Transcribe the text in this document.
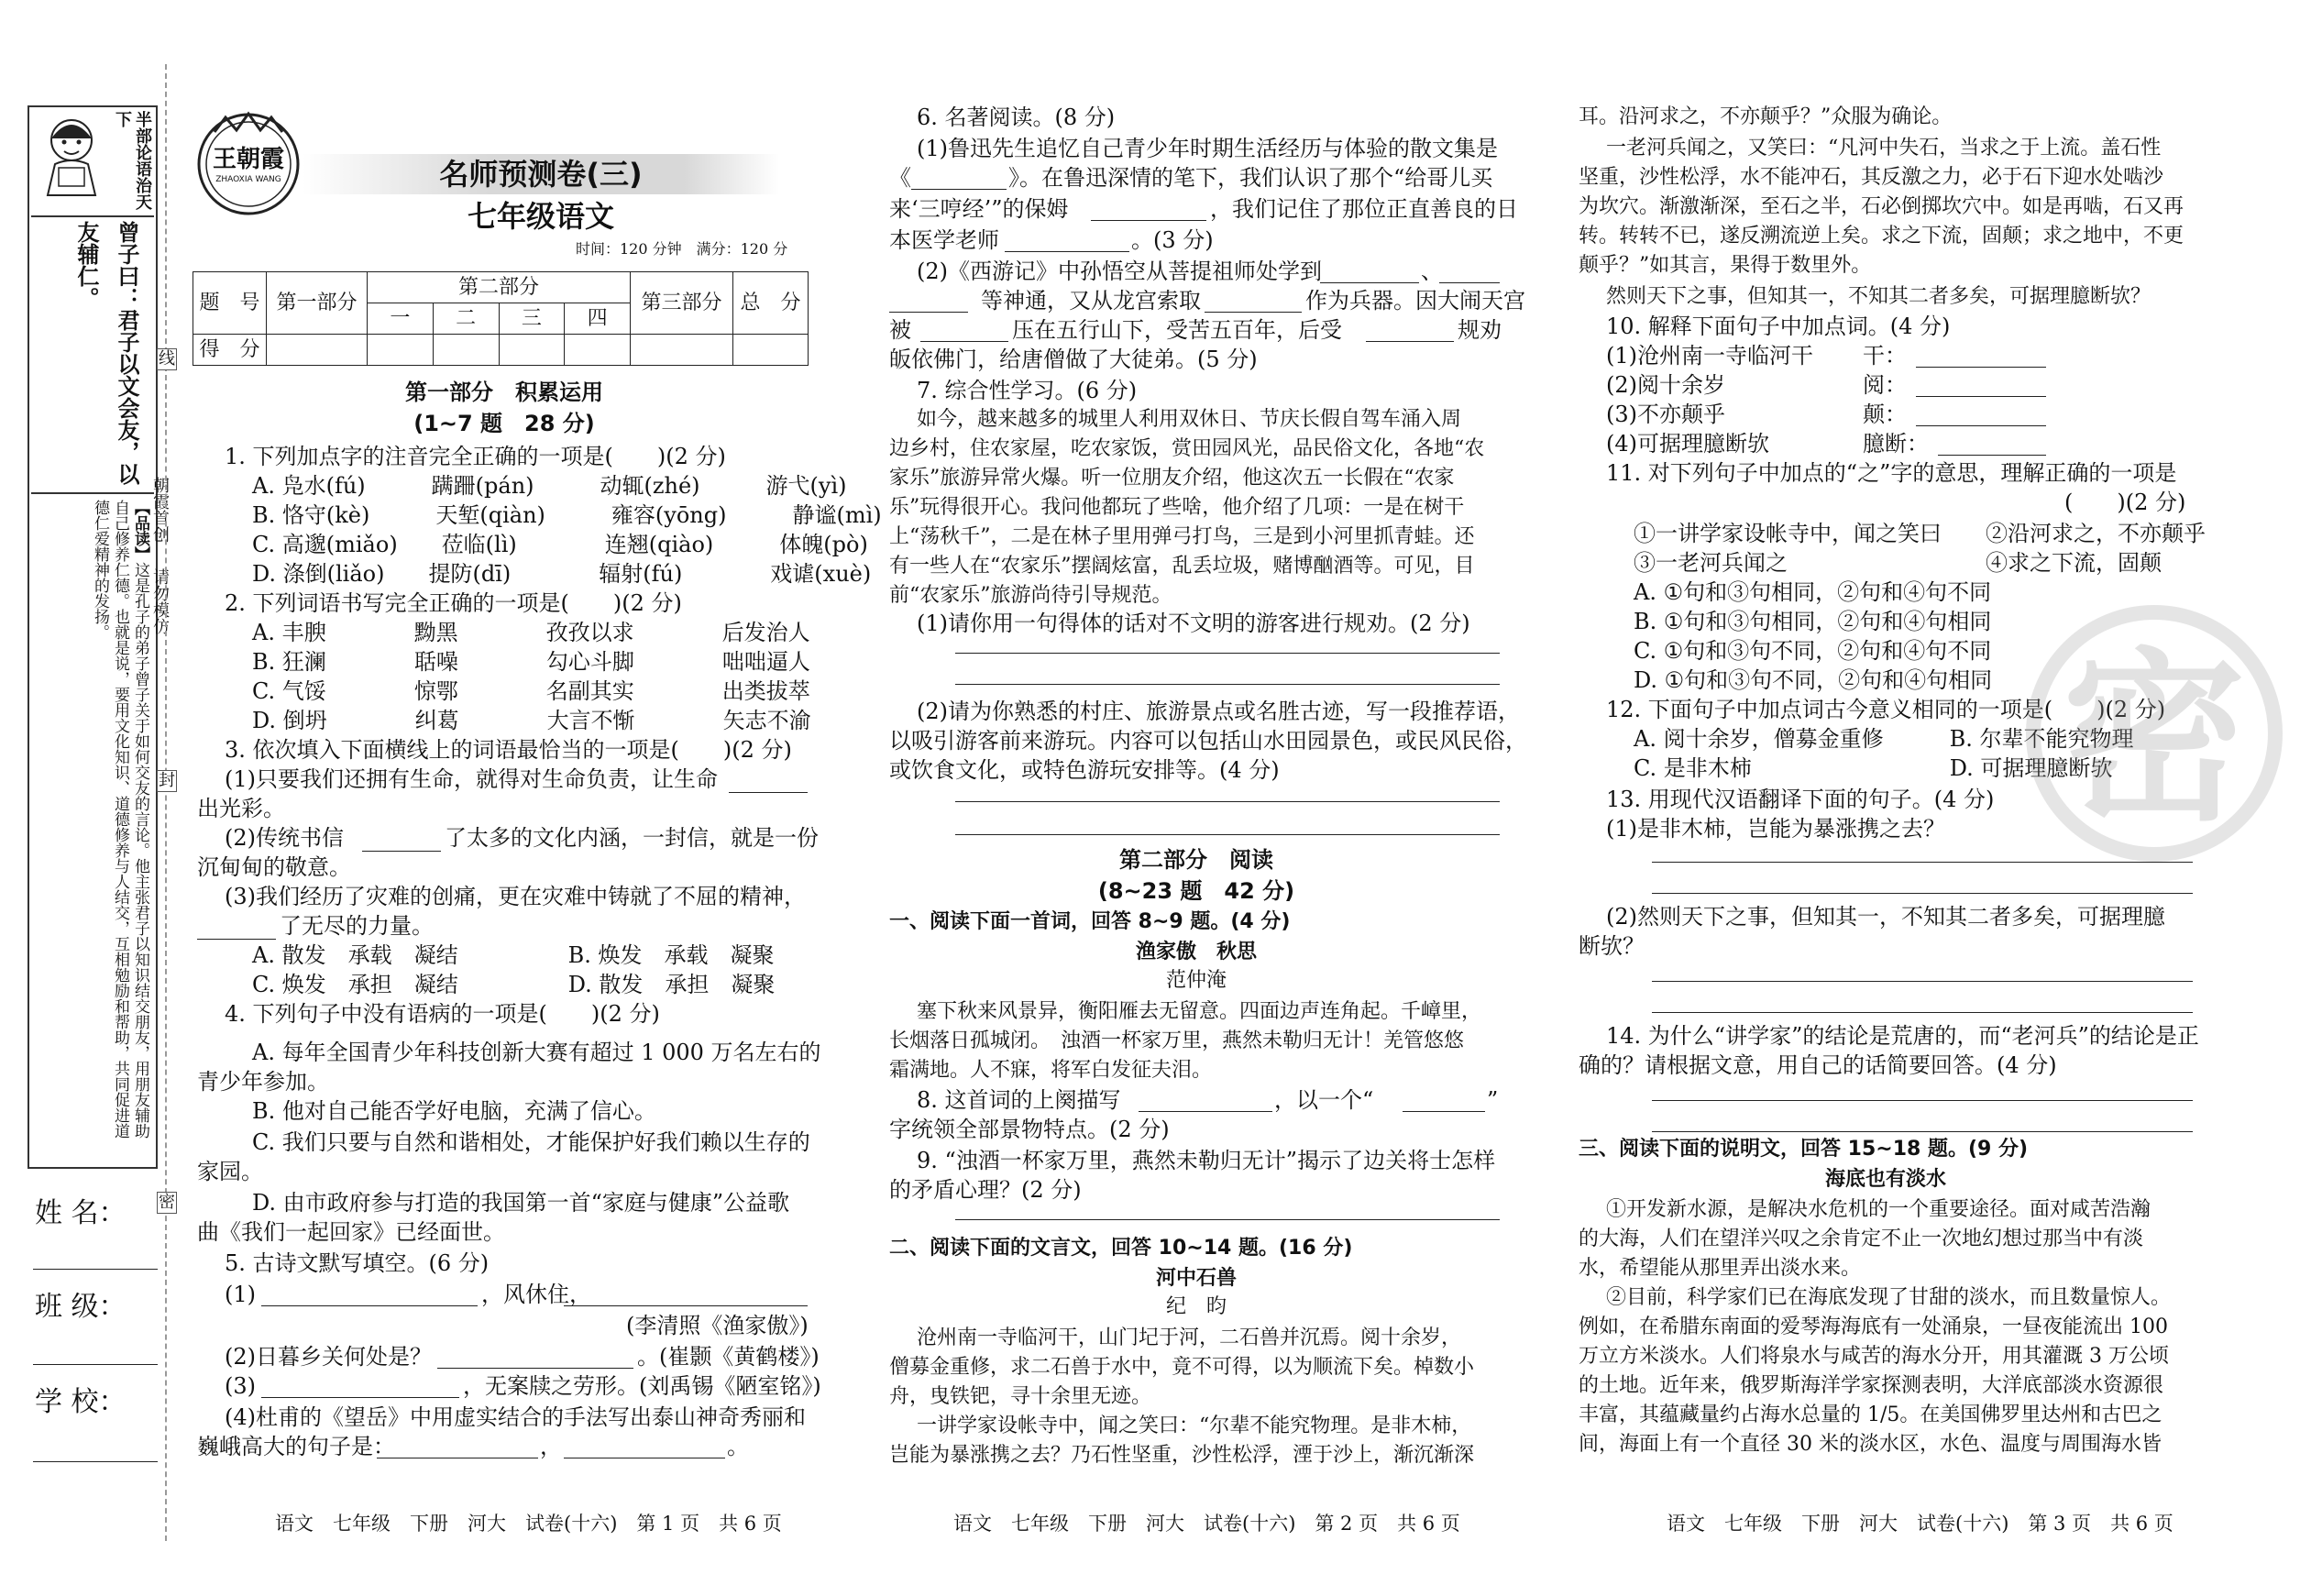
半部论语治天下
曾子曰：君子以文会友，以友辅仁。
【品读】这是孔子的弟子曾子关于如何交友的言论。他主张君子以知识结交朋友，用朋友辅助自己修养仁德。也就是说，要用文化知识、道德修养与人结交，互相勉励和帮助，共同促进道德仁爱精神的发扬。	朝霞首创
请勿模仿
线
封
密
姓 名：
班 级：
学 校：
王朝霞
ZHAOXIA WANG	名师预测卷(三)
七年级语文
时间：120 分钟　满分：120 分
题　号	第一部分	第二部分				第三部分	总　分
		一	二	三	四		
得　分							
第一部分　积累运用
(1~7 题　28 分)
1. 下列加点字的注音完全正确的一项是(　　)(2 分)
A. 凫水(fú)　　　蹒跚(pán)　　　动辄(zhé)　　　游弋(yì)
B. 恪守(kè)　　　天堑(qiàn)　　　雍容(yōng)　　　静谧(mì)
C. 高邈(miǎo)　　莅临(lì)　　　　连翘(qiào)　　　体魄(pò)
D. 涤倒(liǎo)　　提防(dī)　　　　辐射(fú)　　　　戏谑(xuè)
2. 下列词语书写完全正确的一项是(　　)(2 分)
A. 丰腴　　　　黝黑　　　　孜孜以求　　　　后发治人
B. 狂澜　　　　聒噪　　　　勾心斗脚　　　　咄咄逼人
C. 气馁　　　　惊鄂　　　　名副其实　　　　出类拔萃
D. 倒坍　　　　纠葛　　　　大言不惭　　　　矢志不渝
3. 依次填入下面横线上的词语最恰当的一项是(　　)(2 分)
(1)只要我们还拥有生命，就得对生命负责，让生命
出光彩。
(2)传统书信	了太多的文化内涵，一封信，就是一份
沉甸甸的敬意。
(3)我们经历了灾难的创痛，更在灾难中铸就了不屈的精神，
了无尽的力量。
A. 散发　承载　凝结　　　　　B. 焕发　承载　凝聚
C. 焕发　承担　凝结　　　　　D. 散发　承担　凝聚
4. 下列句子中没有语病的一项是(　　)(2 分)
A. 每年全国青少年科技创新大赛有超过 1 000 万名左右的
青少年参加。
B. 他对自己能否学好电脑，充满了信心。
C. 我们只要与自然和谐相处，才能保护好我们赖以生存的
家园。
D. 由市政府参与打造的我国第一首“家庭与健康”公益歌
曲《我们一起回家》已经面世。
5. 古诗文默写填空。(6 分)
(1)	，风休住，
(李清照《渔家傲》)
(2)日暮乡关何处是？	。(崔颢《黄鹤楼》)
(3)	，无案牍之劳形。(刘禹锡《陋室铭》)
(4)杜甫的《望岳》中用虚实结合的手法写出泰山神奇秀丽和
巍峨高大的句子是：	，	。
语文　七年级　下册　河大　试卷(十六)　第 1 页　共 6 页
6. 名著阅读。(8 分)
(1)鲁迅先生追忆自己青少年时期生活经历与体验的散文集是
《	》。在鲁迅深情的笔下，我们认识了那个“给哥儿买
来‘三哼经’”的保姆	，我们记住了那位正直善良的日
本医学老师	。(3 分)
(2)《西游记》中孙悟空从菩提祖师处学到	、
等神通，又从龙宫索取	作为兵器。因大闹天宫
被	压在五行山下，受苦五百年，后受	规劝
皈依佛门，给唐僧做了大徒弟。(5 分)
7. 综合性学习。(6 分)
如今，越来越多的城里人利用双休日、节庆长假自驾车涌入周
边乡村，住农家屋，吃农家饭，赏田园风光，品民俗文化，各地“农
家乐”旅游异常火爆。听一位朋友介绍，他这次五一长假在“农家
乐”玩得很开心。我问他都玩了些啥，他介绍了几项：一是在树干
上“荡秋千”，二是在林子里用弹弓打鸟，三是到小河里抓青蛙。还
有一些人在“农家乐”摆阔炫富，乱丢垃圾，赌博酗酒等。可见，目
前“农家乐”旅游尚待引导规范。
(1)请你用一句得体的话对不文明的游客进行规劝。(2 分)
(2)请为你熟悉的村庄、旅游景点或名胜古迹，写一段推荐语，
以吸引游客前来游玩。内容可以包括山水田园景色，或民风民俗，
或饮食文化，或特色游玩安排等。(4 分)
第二部分　阅读
(8~23 题　42 分)
一、阅读下面一首词，回答 8~9 题。(4 分)
渔家傲　秋思
范仲淹
塞下秋来风景异，衡阳雁去无留意。四面边声连角起。千嶂里，
长烟落日孤城闭。　浊酒一杯家万里，燕然未勒归无计！羌管悠悠
霜满地。人不寐，将军白发征夫泪。
8. 这首词的上阕描写	，以一个“	”
字统领全部景物特点。(2 分)
9. “浊酒一杯家万里，燕然未勒归无计”揭示了边关将士怎样
的矛盾心理？(2 分)
二、阅读下面的文言文，回答 10~14 题。(16 分)
河中石兽
纪　昀
沧州南一寺临河干，山门圮于河，二石兽并沉焉。阅十余岁，
僧募金重修，求二石兽于水中，竟不可得，以为顺流下矣。棹数小
舟，曳铁钯，寻十余里无迹。
一讲学家设帐寺中，闻之笑曰：“尔辈不能究物理。是非木柿，
岂能为暴涨携之去？乃石性坚重，沙性松浮，湮于沙上，渐沉渐深
语文　七年级　下册　河大　试卷(十六)　第 2 页　共 6 页
耳。沿河求之，不亦颠乎？”众服为确论。
一老河兵闻之，又笑曰：“凡河中失石，当求之于上流。盖石性
坚重，沙性松浮，水不能冲石，其反激之力，必于石下迎水处啮沙
为坎穴。渐激渐深，至石之半，石必倒掷坎穴中。如是再啮，石又再
转。转转不已，遂反溯流逆上矣。求之下流，固颠；求之地中，不更
颠乎？”如其言，果得于数里外。
然则天下之事，但知其一，不知其二者多矣，可据理臆断欤？
10. 解释下面句子中加点词。(4 分)
(1)沧州南一寺临河干 干：
(2)阅十余岁	阅：
(3)不亦颠乎	颠：
(4)可据理臆断欤	臆断：
11. 对下列句子中加点的“之”字的意思，理解正确的一项是
(　　)(2 分)
①一讲学家设帐寺中，闻之笑曰　　②沿河求之，不亦颠乎
③一老河兵闻之　　　　　　　　　④求之下流，固颠
A. ①句和③句相同，②句和④句不同
B. ①句和③句相同，②句和④句相同
C. ①句和③句不同，②句和④句不同
D. ①句和③句不同，②句和④句相同
12. 下面句子中加点词古今意义相同的一项是(　　)(2 分)
A. 阅十余岁，僧募金重修　　　B. 尔辈不能究物理
C. 是非木柿　　　　　　　　　D. 可据理臆断欤
13. 用现代汉语翻译下面的句子。(4 分)
(1)是非木柿，岂能为暴涨携之去？
(2)然则天下之事，但知其一，不知其二者多矣，可据理臆
断欤？
14. 为什么“讲学家”的结论是荒唐的，而“老河兵”的结论是正
确的？请根据文意，用自己的话简要回答。(4 分)
三、阅读下面的说明文，回答 15~18 题。(9 分)
海底也有淡水
①开发新水源，是解决水危机的一个重要途径。面对咸苦浩瀚
的大海，人们在望洋兴叹之余肯定不止一次地幻想过那当中有淡
水，希望能从那里弄出淡水来。
②目前，科学家们已在海底发现了甘甜的淡水，而且数量惊人。
例如，在希腊东南面的爱琴海海底有一处涌泉，一昼夜能流出 100
万立方米淡水。人们将泉水与咸苦的海水分开，用其灌溉 3 万公顷
的土地。近年来，俄罗斯海洋学家探测表明，大洋底部淡水资源很
丰富，其蕴藏量约占海水总量的 1/5。在美国佛罗里达州和古巴之
间，海面上有一个直径 30 米的淡水区，水色、温度与周围海水皆
语文　七年级　下册　河大　试卷(十六)　第 3 页　共 6 页
密
